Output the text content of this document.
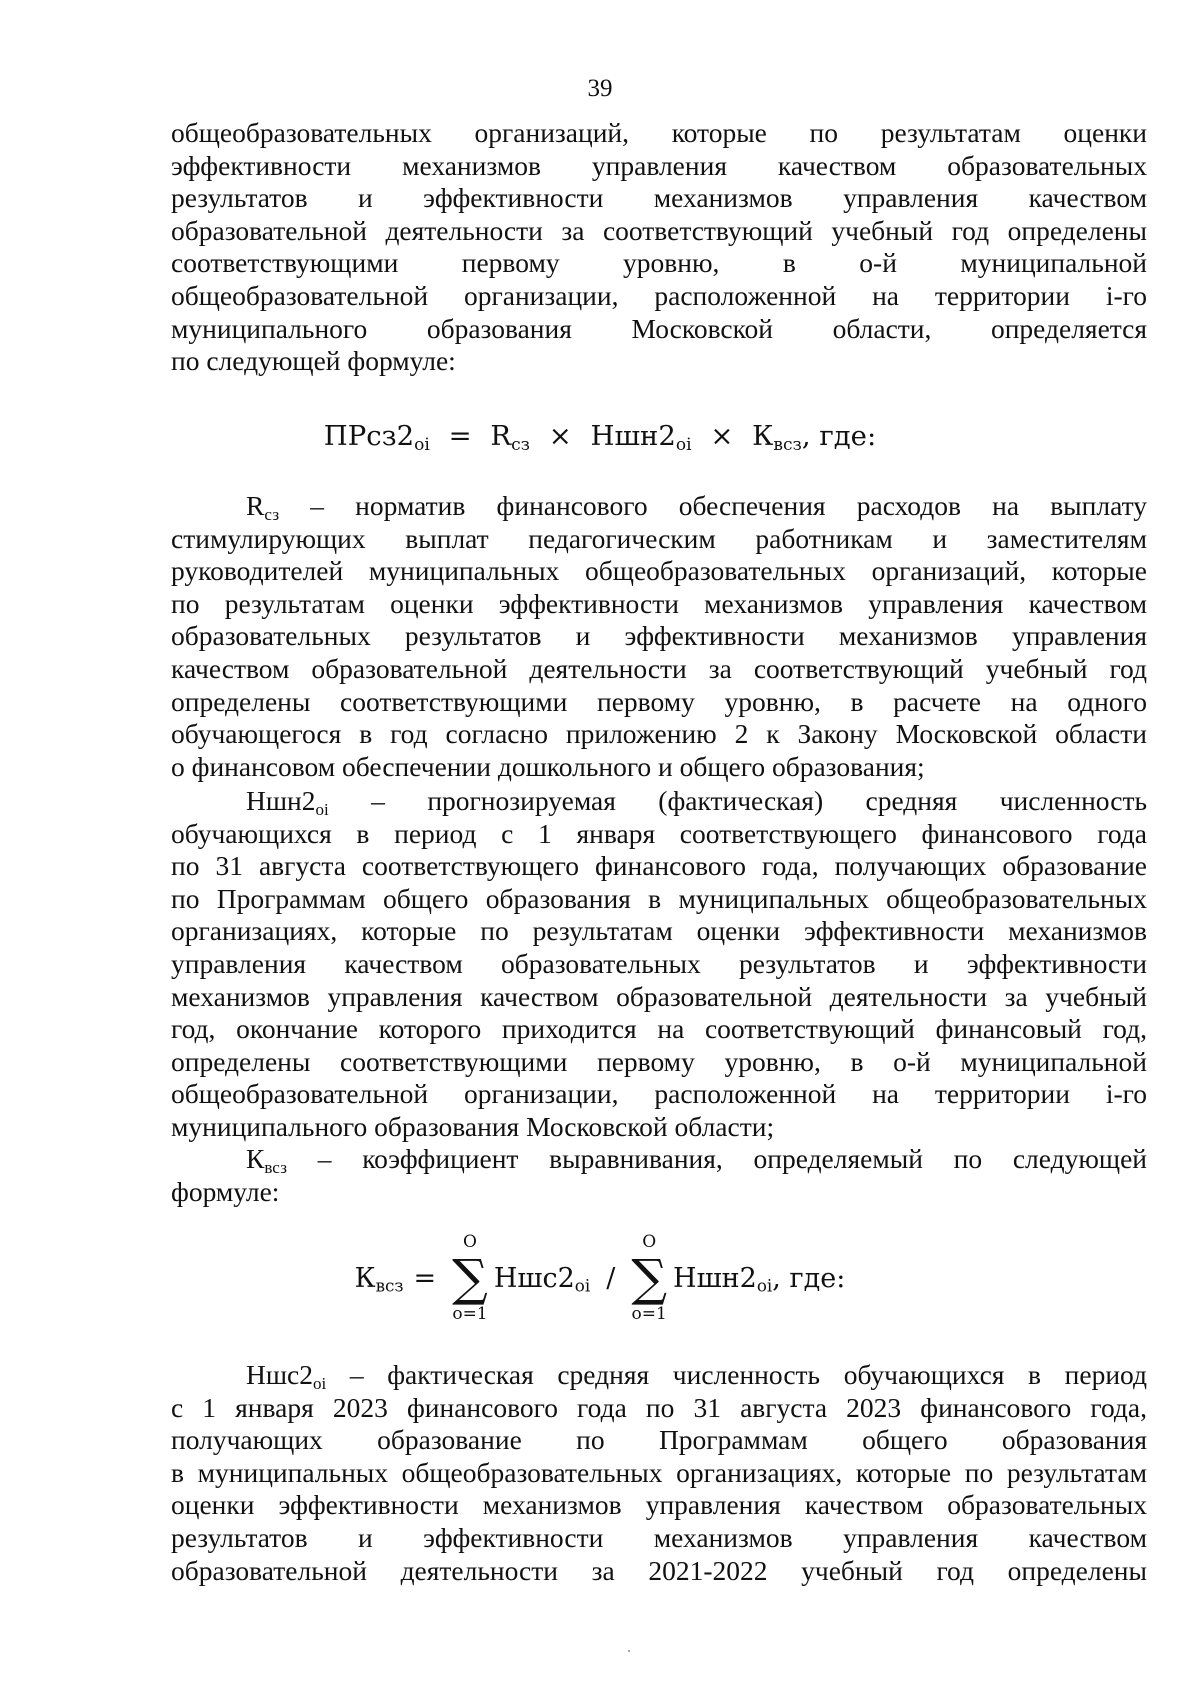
39

общеобразовательных организаций, которые по результатам оценки

эффективности механизмов управления качеством образовательных

результатов и эффективности механизмов управления качеством

образовательной деятельности за соответствующий учебный год определены

соответствующими первому уровню, в о-й муниципальной

общеобразовательной организации, расположенной на территории i-го

муниципального образования Московской области, определяется

по следующей формуле:

$ПРсз2_{oi} = R_{сз} \times Ншн2_{oi} \times К_{всз}$, где:

$R_{сз}$ – норматив финансового обеспечения расходов на выплату

стимулирующих выплат педагогическим работникам и заместителям

руководителей муниципальных общеобразовательных организаций, которые

по результатам оценки эффективности механизмов управления качеством

образовательных результатов и эффективности механизмов управления

качеством образовательной деятельности за соответствующий учебный год

определены соответствующими первому уровню, в расчете на одного

обучающегося в год согласно приложению 2 к Закону Московской области

о финансовом обеспечении дошкольного и общего образования;

$Ншн2_{oi}$ – прогнозируемая (фактическая) средняя численность

обучающихся в период с 1 января соответствующего финансового года

по 31 августа соответствующего финансового года, получающих образование

по Программам общего образования в муниципальных общеобразовательных

организациях, которые по результатам оценки эффективности механизмов

управления качеством образовательных результатов и эффективности

механизмов управления качеством образовательной деятельности за учебный

год, окончание которого приходится на соответствующий финансовый год,

определены соответствующими первому уровню, в о-й муниципальной

общеобразовательной организации, расположенной на территории i-го

муниципального образования Московской области;

$К_{всз}$ – коэффициент выравнивания, определяемый по следующей

формуле:

$К_{всз}$ =
O
∑
o=1
$Ншс2_{oi}$ /
O
∑
o=1
$Ншн2_{oi}$ , где:

$Ншс2_{oi}$ – фактическая средняя численность обучающихся в период

с 1 января 2023 финансового года по 31 августа 2023 финансового года,

получающих образование по Программам общего образования

в муниципальных общеобразовательных организациях, которые по результатам

оценки эффективности механизмов управления качеством образовательных

результатов и эффективности механизмов управления качеством

образовательной деятельности за 2021-2022 учебный год определены
